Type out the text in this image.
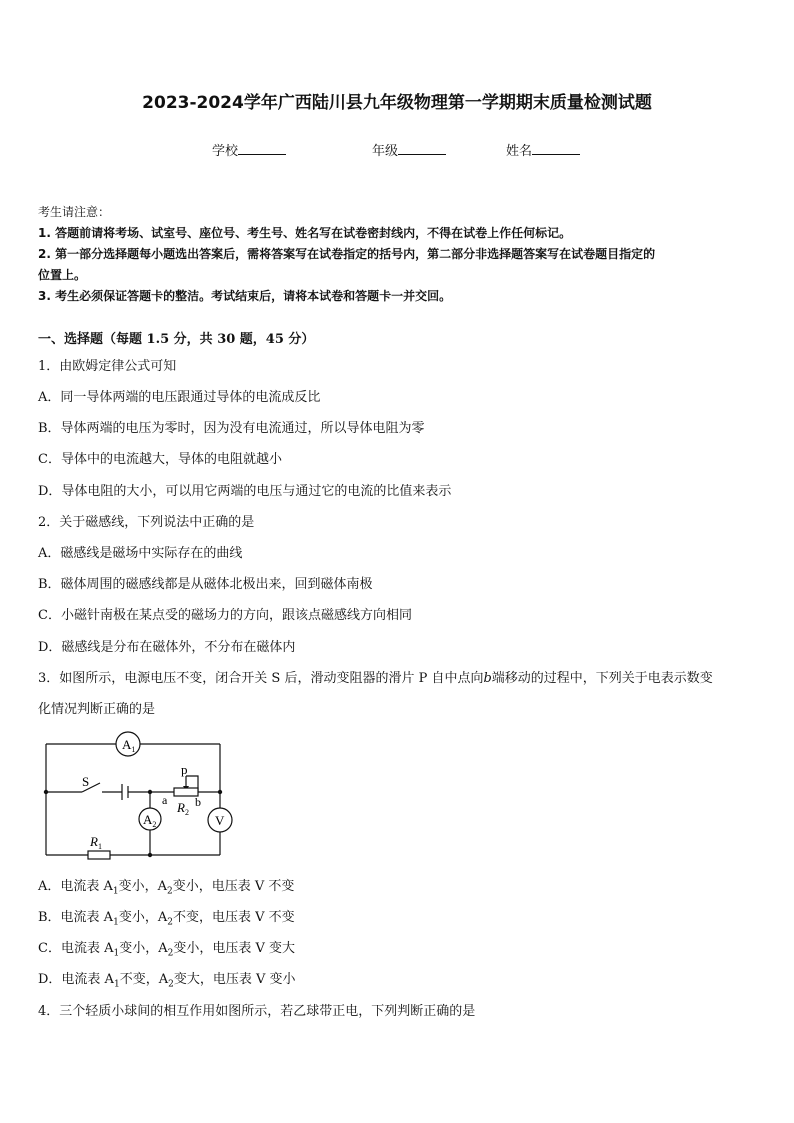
2023-2024学年广西陆川县九年级物理第一学期期末质量检测试题
学校	年级	姓名
考生请注意：
1. 答题前请将考场、试室号、座位号、考生号、姓名写在试卷密封线内，不得在试卷上作任何标记。
2. 第一部分选择题每小题选出答案后，需将答案写在试卷指定的括号内，第二部分非选择题答案写在试卷题目指定的
位置上。
3. 考生必须保证答题卡的整洁。考试结束后，请将本试卷和答题卡一并交回。
一、选择题（每题 1.5 分，共 30 题，45 分）
1．由欧姆定律公式可知
A．同一导体两端的电压跟通过导体的电流成反比
B．导体两端的电压为零时，因为没有电流通过，所以导体电阻为零
C．导体中的电流越大，导体的电阻就越小
D．导体电阻的大小，可以用它两端的电压与通过它的电流的比值来表示
2．关于磁感线，下列说法中正确的是
A．磁感线是磁场中实际存在的曲线
B．磁体周围的磁感线都是从磁体北极出来，回到磁体南极
C．小磁针南极在某点受的磁场力的方向，跟该点磁感线方向相同
D．磁感线是分布在磁体外，不分布在磁体内
3．如图所示，电源电压不变，闭合开关 S 后，滑动变阻器的滑片 P 自中点向b端移动的过程中，下列关于电表示数变
化情况判断正确的是
$A_1$
$A_2$	V
S
p
a b
$R_2$
$R_1$
A．电流表 $A_1$变小，$A_2$变小，电压表 V 不变
B．电流表 $A_1$变小，$A_2$不变，电压表 V 不变
C．电流表 $A_1$变小，$A_2$变小，电压表 V 变大
D．电流表 $A_1$不变，$A_2$变大，电压表 V 变小
4．三个轻质小球间的相互作用如图所示，若乙球带正电，下列判断正确的是
